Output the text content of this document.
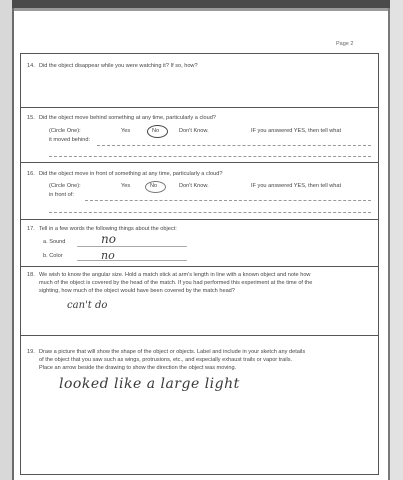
Page 2
14. Did the object disappear while you were watching it? If so, how?
15. Did the object move behind something at any time, particularly a cloud?
(Circle One):	Yes	No	Don't Know.	IF you answered YES, then tell what
it moved behind:
16. Did the object move in front of something at any time, particularly a cloud?
(Circle One):	Yes	No	Don't Know.	IF you answered YES, then tell what
in front of:
17. Tell in a few words the following things about the object:
a. Sound	no
b. Color	no
18. We wish to know the angular size. Hold a match stick at arm's length in line with a known object and note how
much of the object is covered by the head of the match. If you had performed this experiment at the time of the
sighting, how much of the object would have been covered by the match head?
can't do
19. Draw a picture that will show the shape of the object or objects. Label and include in your sketch any details
of the object that you saw such as wings, protrusions, etc., and especially exhaust trails or vapor trails.
Place an arrow beside the drawing to show the direction the object was moving.
looked like a large light
